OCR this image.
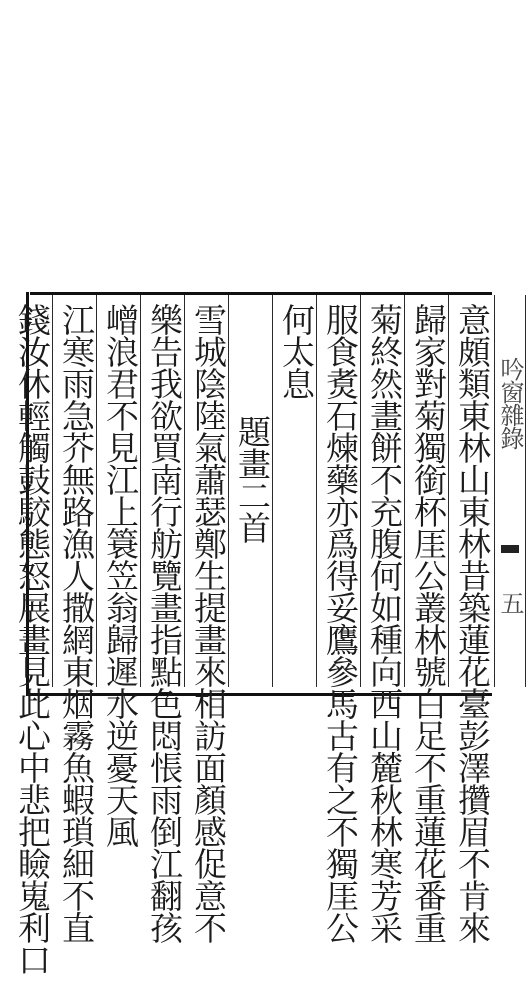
吟窗雜錄
五
意頗類東林山東林昔築蓮花臺彭澤攢眉不肯來
歸家對菊獨銜杯厓公叢林號白足不重蓮花番重
菊終然畫餅不充腹何如種向西山麓秋林寒芳采
服食煑石煉藥亦爲得妥鷹參馬古有之不獨厓公
何太息
題畫二首
雪城陰陸氣蕭瑟鄭生提畫來相訪面顏感促意不
樂告我欲買南行舫覽畫指點色悶悵雨倒江翻孩
嶒浪君不見江上簑笠翁歸遲水逆憂天風
江寒雨急芥無路漁人撒網東烟霧魚蝦瑣細不直
錢汝休輕觸鼓駮態怒展畫見此心中悲把瞼嵬利口
